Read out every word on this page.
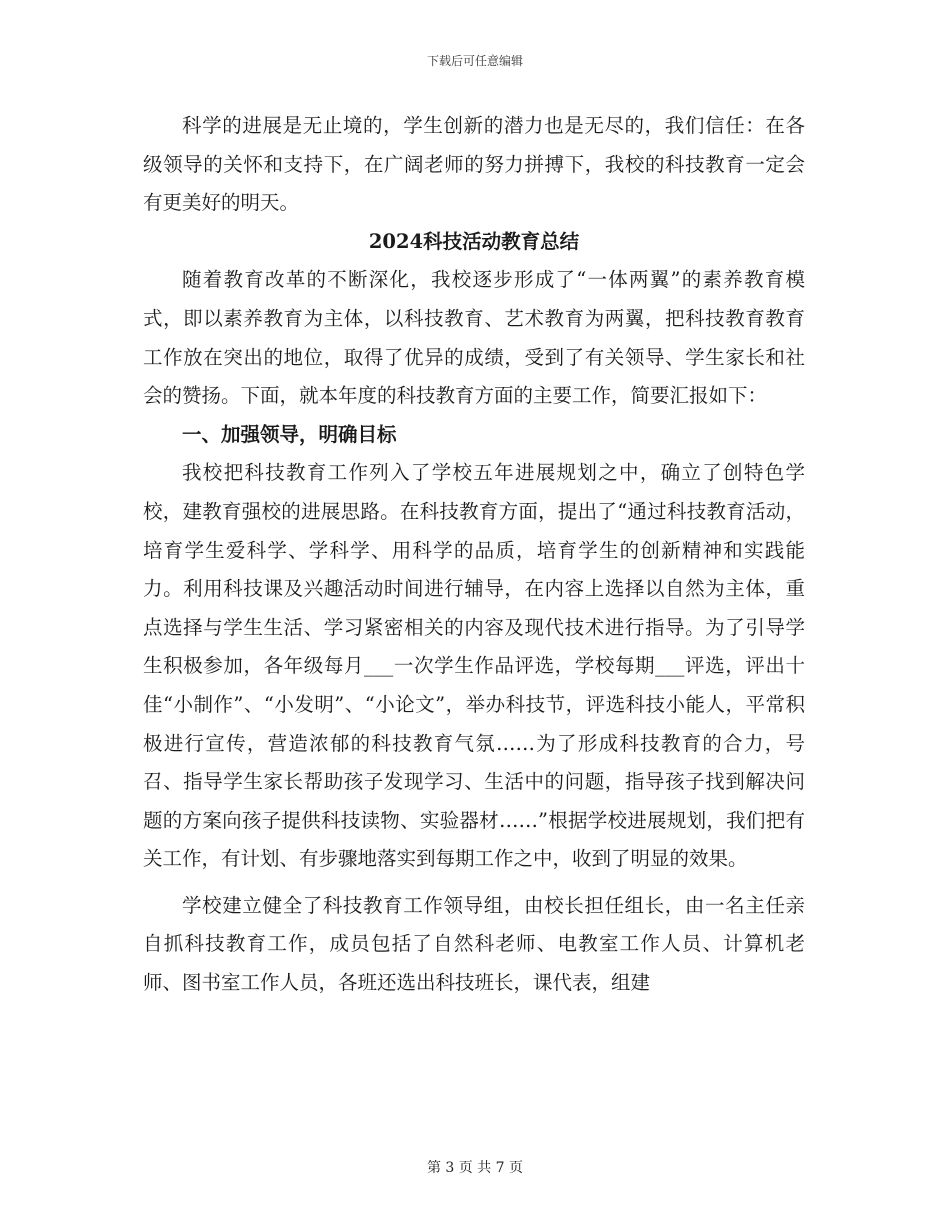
下载后可任意编辑

科学的进展是无止境的，学生创新的潜力也是无尽的，我们信任：在各级领导的关怀和支持下，在广阔老师的努力拼搏下，我校的科技教育一定会有更美好的明天。

2024科技活动教育总结

随着教育改革的不断深化，我校逐步形成了“一体两翼”的素养教育模式，即以素养教育为主体，以科技教育、艺术教育为两翼，把科技教育教育工作放在突出的地位，取得了优异的成绩，受到了有关领导、学生家长和社会的赞扬。下面，就本年度的科技教育方面的主要工作，简要汇报如下：

一、加强领导，明确目标

我校把科技教育工作列入了学校五年进展规划之中，确立了创特色学校，建教育强校的进展思路。在科技教育方面，提出了“通过科技教育活动，培育学生爱科学、学科学、用科学的品质，培育学生的创新精神和实践能力。利用科技课及兴趣活动时间进行辅导，在内容上选择以自然为主体，重点选择与学生生活、学习紧密相关的内容及现代技术进行指导。为了引导学生积极参加，各年级每月___一次学生作品评选，学校每期___评选，评出十佳“小制作”、“小发明”、“小论文”，举办科技节，评选科技小能人，平常积极进行宣传，营造浓郁的科技教育气氛……为了形成科技教育的合力，号召、指导学生家长帮助孩子发现学习、生活中的问题，指导孩子找到解决问题的方案向孩子提供科技读物、实验器材……”根据学校进展规划，我们把有关工作，有计划、有步骤地落实到每期工作之中，收到了明显的效果。

学校建立健全了科技教育工作领导组，由校长担任组长，由一名主任亲自抓科技教育工作，成员包括了自然科老师、电教室工作人员、计算机老师、图书室工作人员，各班还选出科技班长，课代表，组建

第 3 页 共 7 页
